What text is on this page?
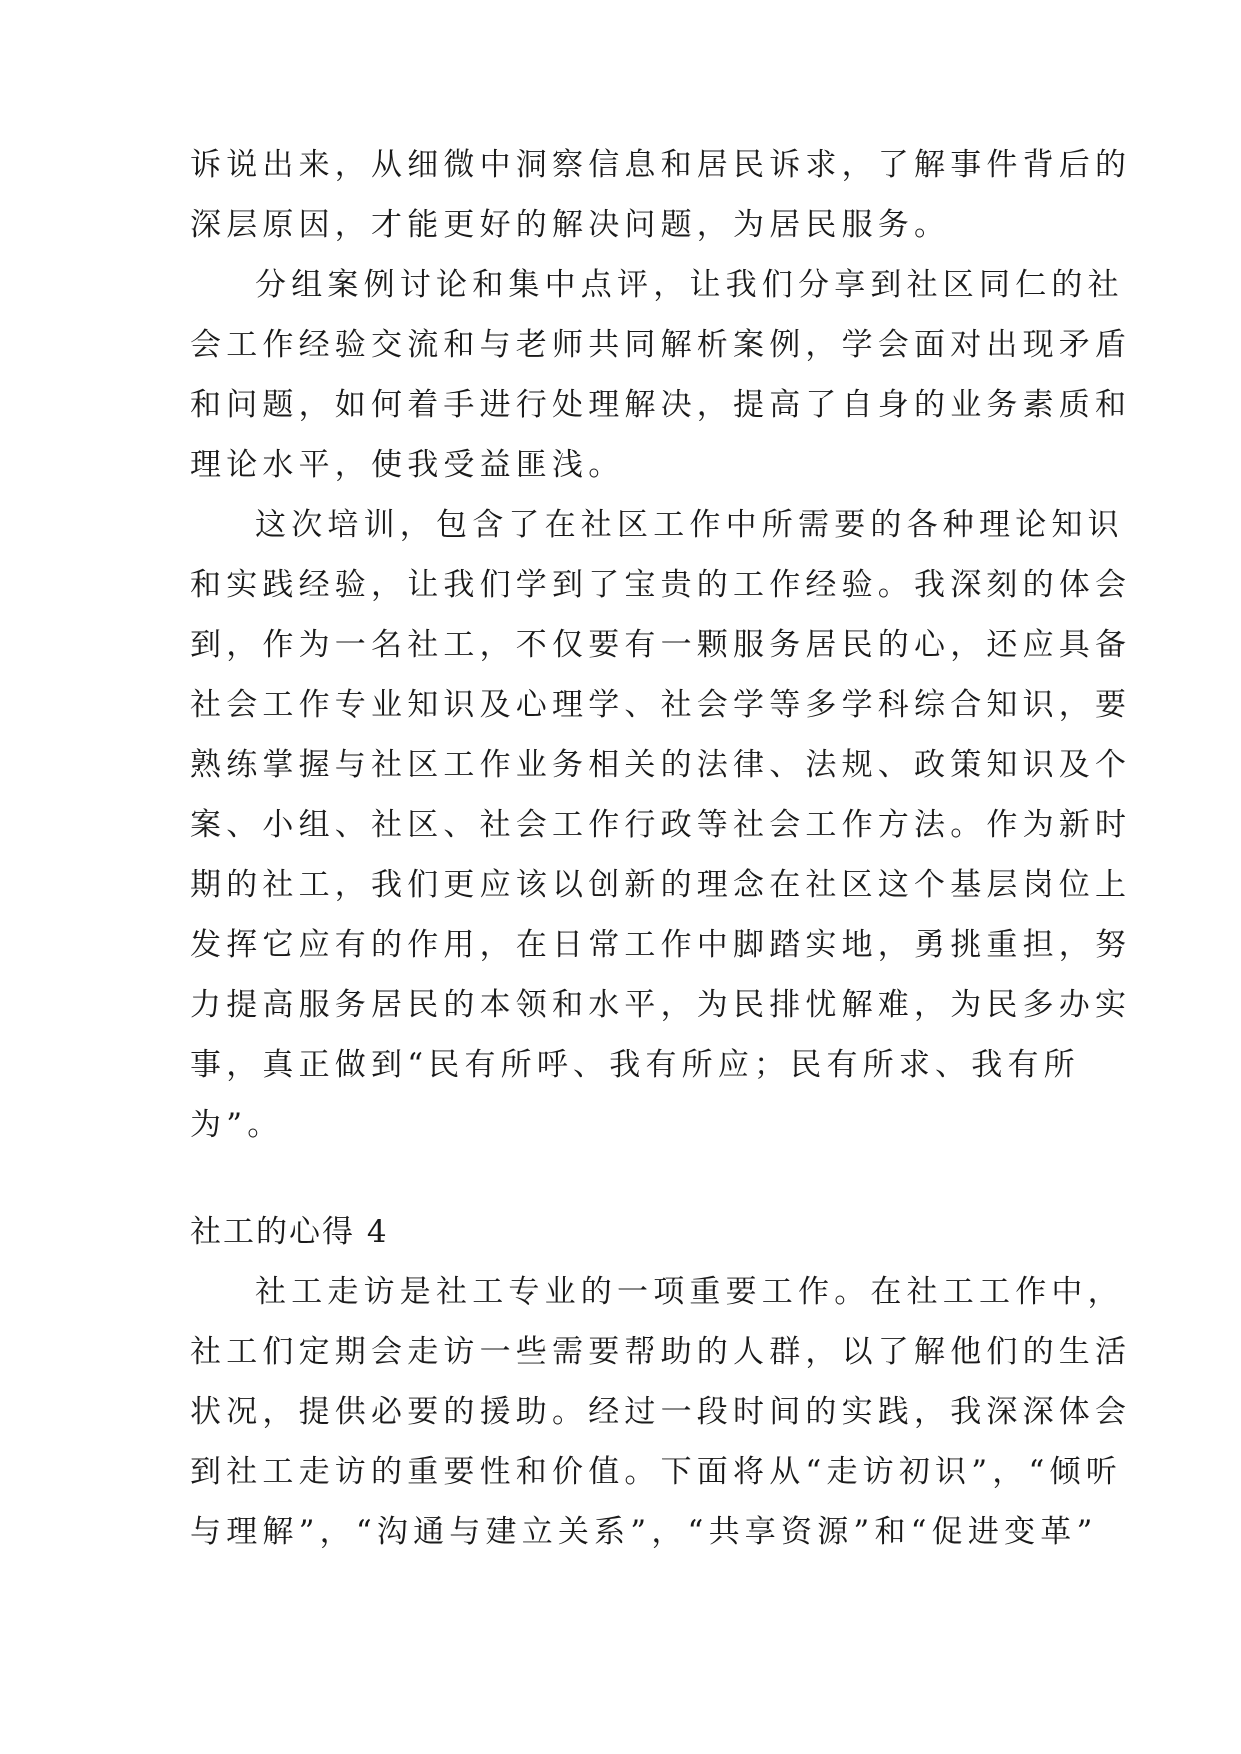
诉说出来，从细微中洞察信息和居民诉求，了解事件背后的
深层原因，才能更好的解决问题，为居民服务。
分组案例讨论和集中点评，让我们分享到社区同仁的社
会工作经验交流和与老师共同解析案例，学会面对出现矛盾
和问题，如何着手进行处理解决，提高了自身的业务素质和
理论水平，使我受益匪浅。
这次培训，包含了在社区工作中所需要的各种理论知识
和实践经验，让我们学到了宝贵的工作经验。我深刻的体会
到，作为一名社工，不仅要有一颗服务居民的心，还应具备
社会工作专业知识及心理学、社会学等多学科综合知识，要
熟练掌握与社区工作业务相关的法律、法规、政策知识及个
案、小组、社区、社会工作行政等社会工作方法。作为新时
期的社工，我们更应该以创新的理念在社区这个基层岗位上
发挥它应有的作用，在日常工作中脚踏实地，勇挑重担，努
力提高服务居民的本领和水平，为民排忧解难，为民多办实
事，真正做到“民有所呼、我有所应；民有所求、我有所
为”。
社工的心得 4
社工走访是社工专业的一项重要工作。在社工工作中，
社工们定期会走访一些需要帮助的人群，以了解他们的生活
状况，提供必要的援助。经过一段时间的实践，我深深体会
到社工走访的重要性和价值。下面将从“走访初识”，“倾听
与理解”，“沟通与建立关系”，“共享资源”和“促进变革”
